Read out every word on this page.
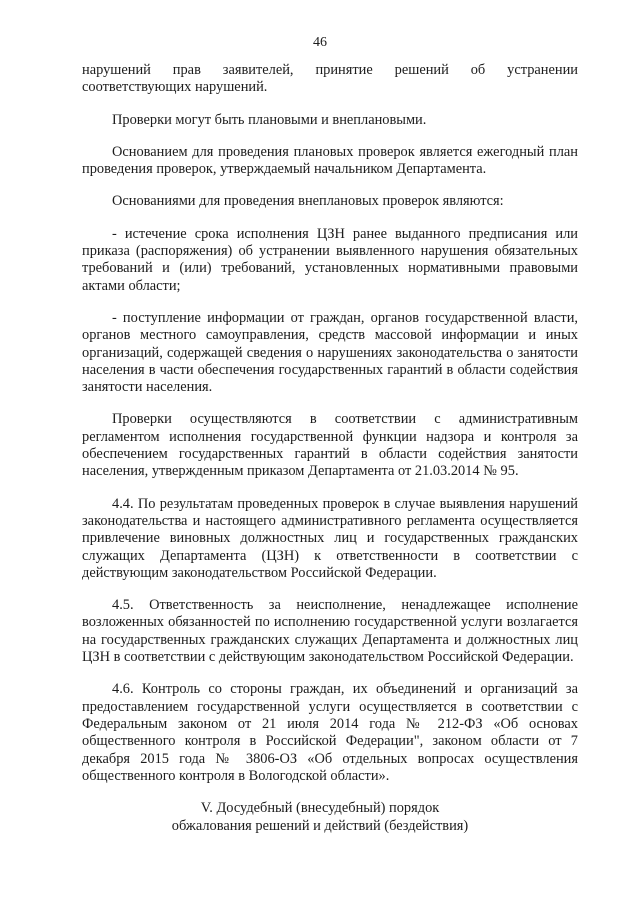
46

нарушений прав заявителей, принятие решений об устранении соответствующих нарушений.

Проверки могут быть плановыми и внеплановыми.

Основанием для проведения плановых проверок является ежегодный план проведения проверок, утверждаемый начальником Департамента.

Основаниями для проведения внеплановых проверок являются:

- истечение срока исполнения ЦЗН ранее выданного предписания или приказа (распоряжения) об устранении выявленного нарушения обязательных требований и (или) требований, установленных нормативными правовыми актами области;

- поступление информации от граждан, органов государственной власти, органов местного самоуправления, средств массовой информации и иных организаций, содержащей сведения о нарушениях законодательства о занятости населения в части обеспечения государственных гарантий в области содействия занятости населения.

Проверки осуществляются в соответствии с административным регламентом исполнения государственной функции надзора и контроля за обеспечением государственных гарантий в области содействия занятости населения, утвержденным приказом Департамента от 21.03.2014 № 95.

4.4. По результатам проведенных проверок в случае выявления нарушений законодательства и настоящего административного регламента осуществляется привлечение виновных должностных лиц и государственных гражданских служащих Департамента (ЦЗН) к ответственности в соответствии с действующим законодательством Российской Федерации.

4.5. Ответственность за неисполнение, ненадлежащее исполнение возложенных обязанностей по исполнению государственной услуги возлагается на государственных гражданских служащих Департамента и должностных лиц ЦЗН в соответствии с действующим законодательством Российской Федерации.

4.6. Контроль со стороны граждан, их объединений и организаций за предоставлением государственной услуги осуществляется в соответствии с Федеральным законом от 21 июля 2014 года № 212-ФЗ «Об основах общественного контроля в Российской Федерации", законом области от 7 декабря 2015 года № 3806-ОЗ «Об отдельных вопросах осуществления общественного контроля в Вологодской области».

V. Досудебный (внесудебный) порядок
обжалования решений и действий (бездействия)
